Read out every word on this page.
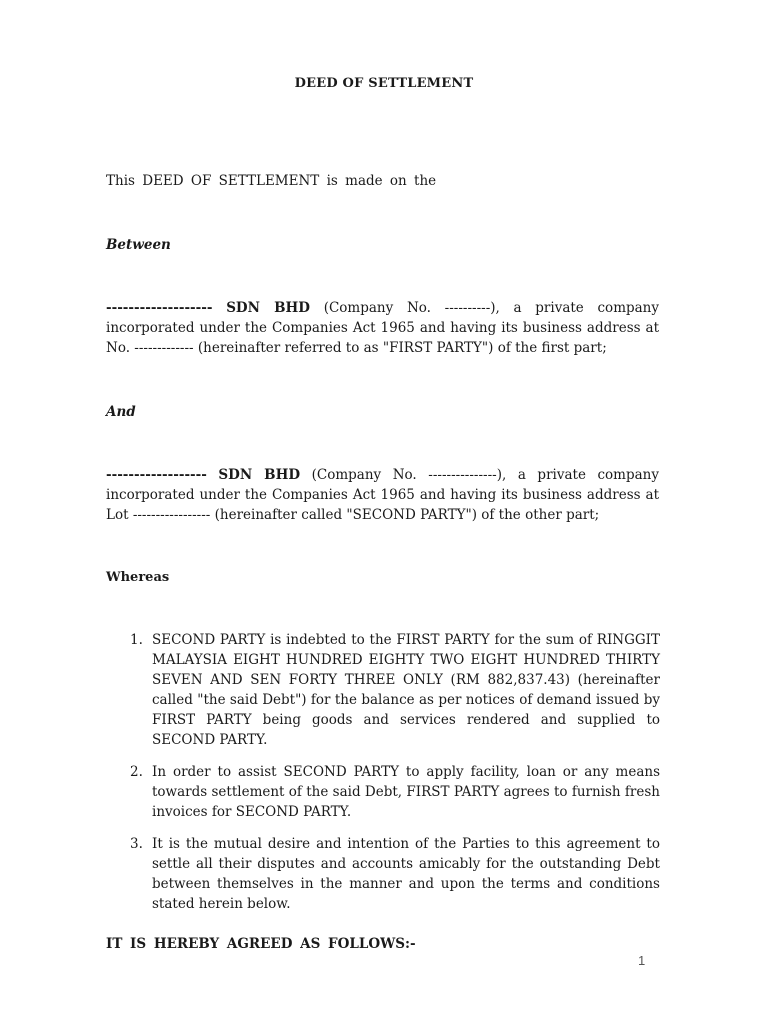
DEED OF SETTLEMENT
This DEED OF SETTLEMENT is made on the
Between
------------------- SDN BHD (Company No. ----------), a private company incorporated under the Companies Act 1965 and having its business address at No. ------------- (hereinafter referred to as "FIRST PARTY") of the first part;
And
------------------ SDN BHD (Company No. ---------------), a private company incorporated under the Companies Act 1965 and having its business address at Lot ----------------- (hereinafter called "SECOND PARTY") of the other part;
Whereas
1. SECOND PARTY is indebted to the FIRST PARTY for the sum of RINGGIT MALAYSIA EIGHT HUNDRED EIGHTY TWO EIGHT HUNDRED THIRTY SEVEN AND SEN FORTY THREE ONLY (RM 882,837.43) (hereinafter called "the said Debt") for the balance as per notices of demand issued by FIRST PARTY being goods and services rendered and supplied to SECOND PARTY.
2. In order to assist SECOND PARTY to apply facility, loan or any means towards settlement of the said Debt, FIRST PARTY agrees to furnish fresh invoices for SECOND PARTY.
3. It is the mutual desire and intention of the Parties to this agreement to settle all their disputes and accounts amicably for the outstanding Debt between themselves in the manner and upon the terms and conditions stated herein below.
IT IS HEREBY AGREED AS FOLLOWS:-
1
